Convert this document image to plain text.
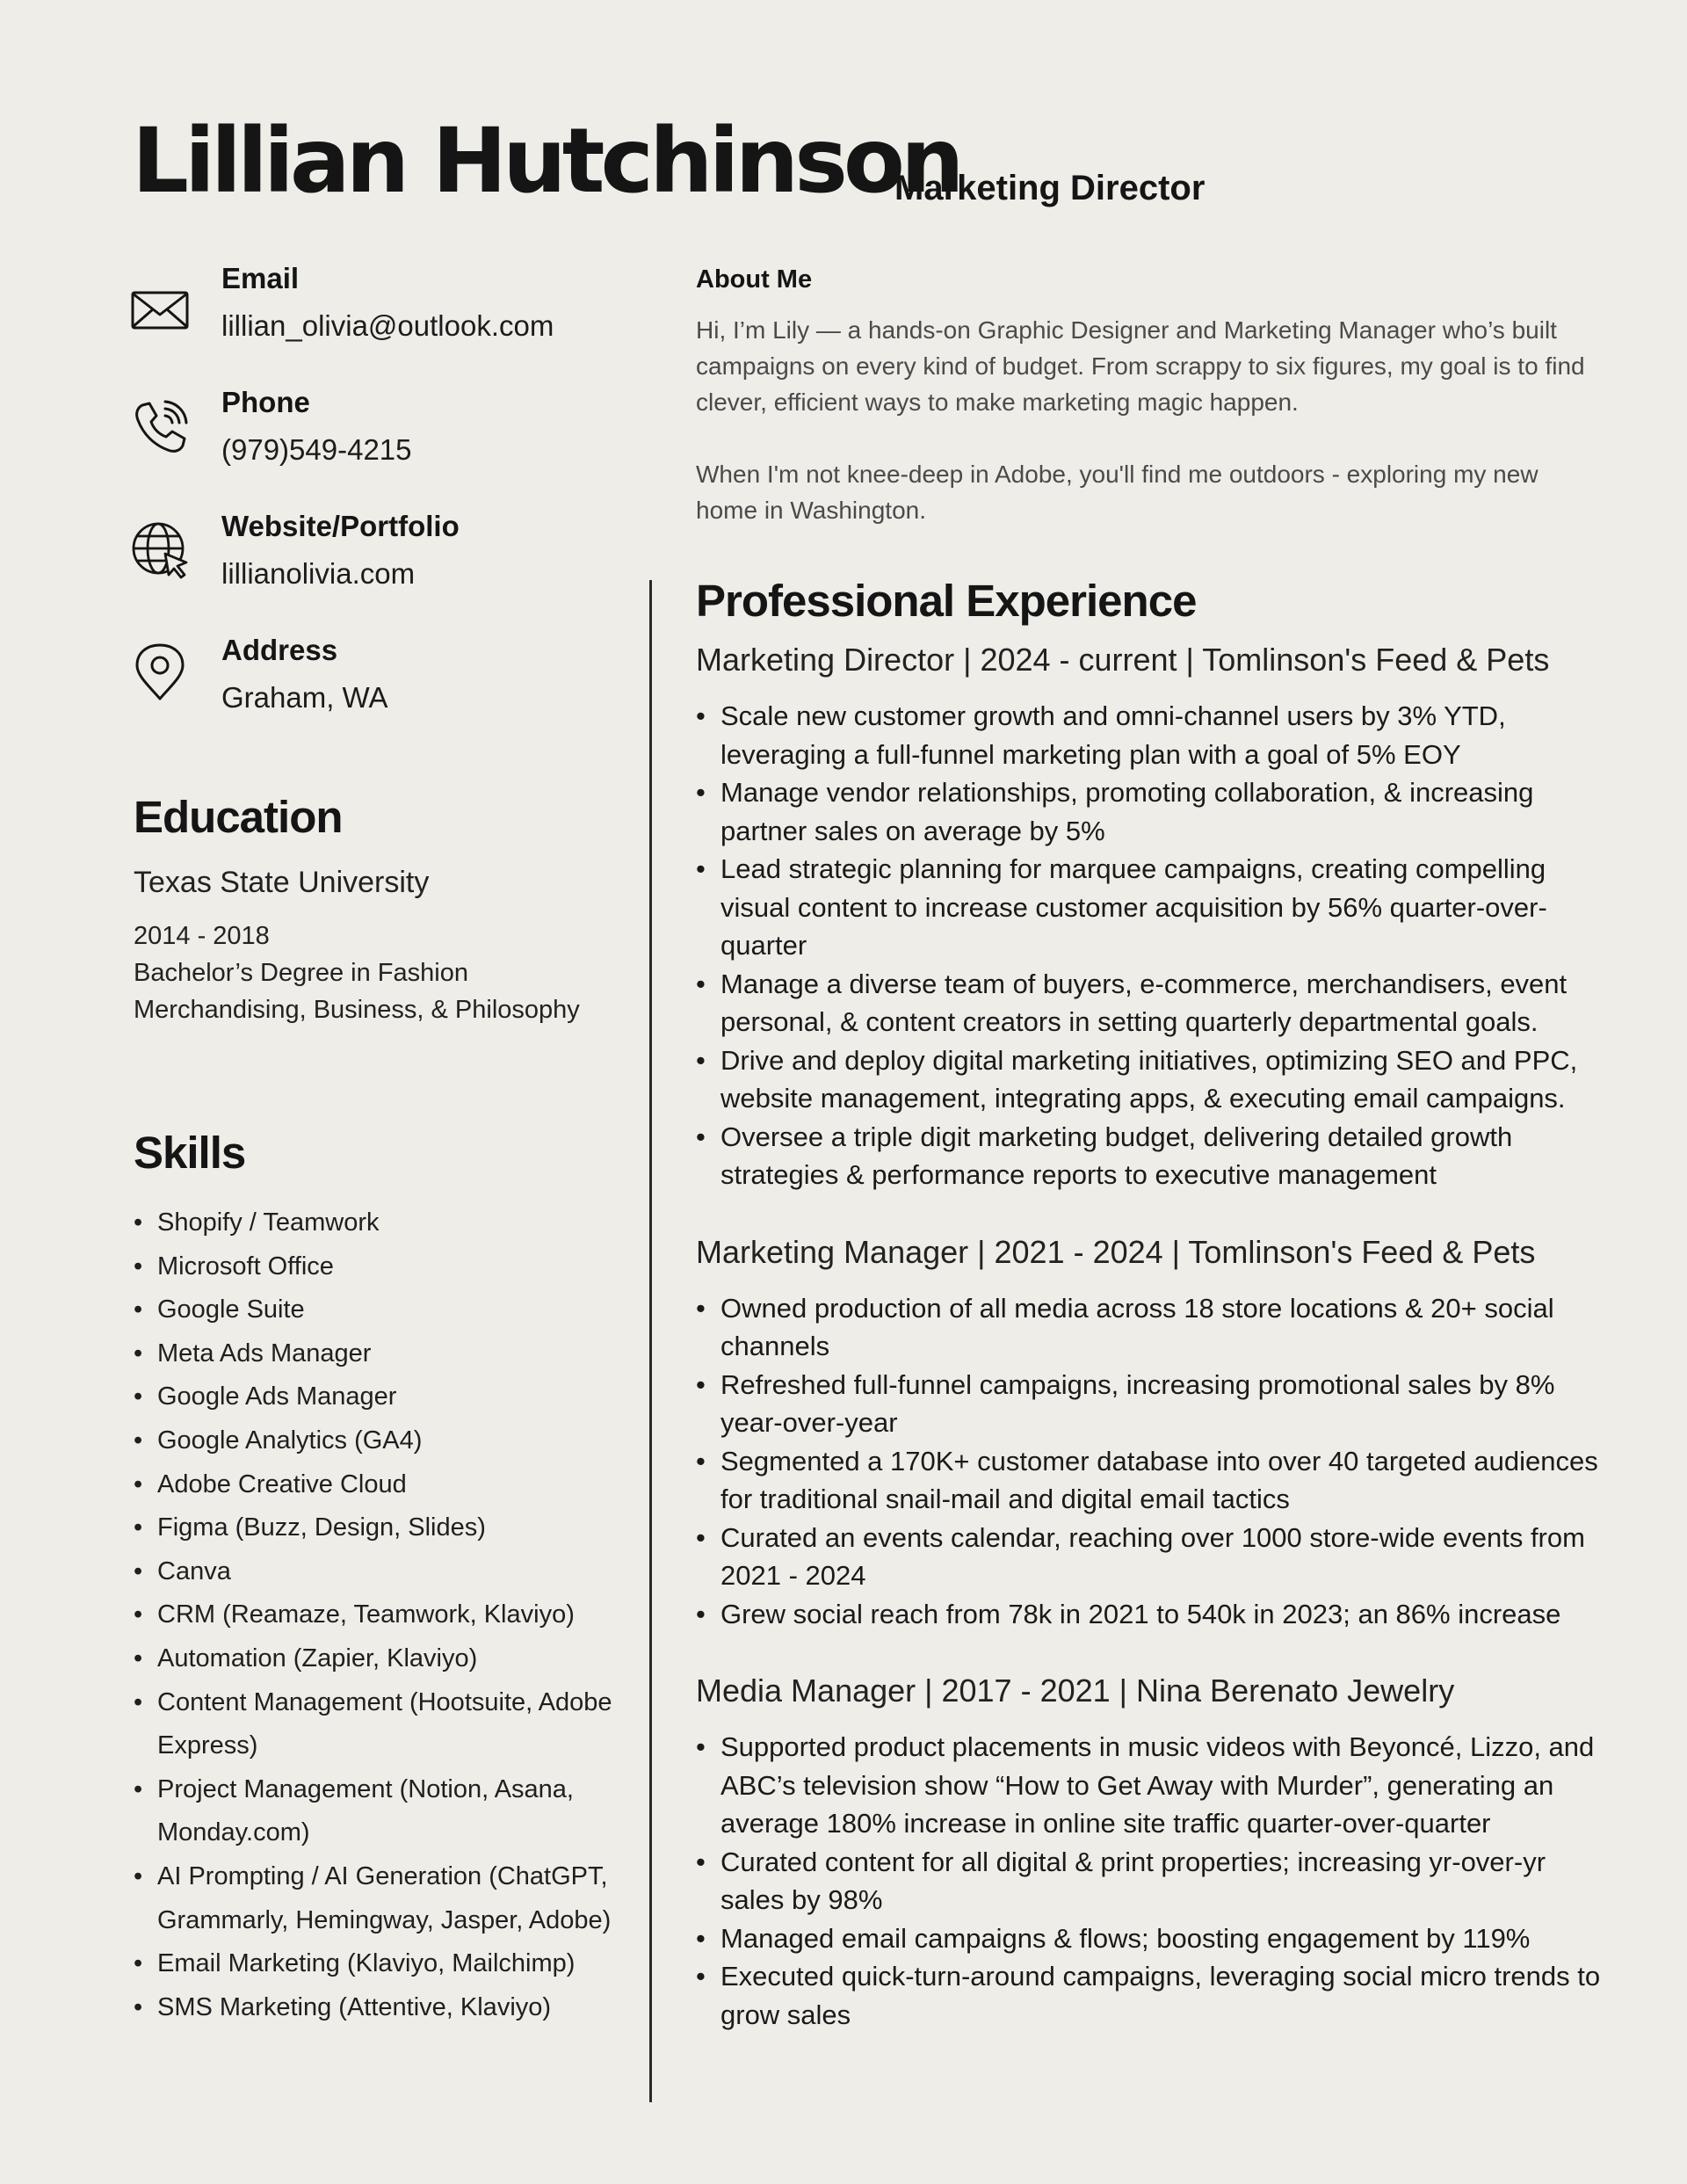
Lillian Hutchinson
Marketing Director
Email
lillian_olivia@outlook.com
Phone
(979)549-4215
Website/Portfolio
lillianolivia.com
Address
Graham, WA
Education
Texas State University
2014 - 2018
Bachelor’s Degree in Fashion Merchandising, Business, & Philosophy
Skills
• Shopify / Teamwork
• Microsoft Office
• Google Suite
• Meta Ads Manager
• Google Ads Manager
• Google Analytics (GA4)
• Adobe Creative Cloud
• Figma (Buzz, Design, Slides)
• Canva
• CRM (Reamaze, Teamwork, Klaviyo)
• Automation (Zapier, Klaviyo)
• Content Management (Hootsuite, Adobe Express)
• Project Management (Notion, Asana, Monday.com)
• AI Prompting / AI Generation (ChatGPT, Grammarly, Hemingway, Jasper, Adobe)
• Email Marketing (Klaviyo, Mailchimp)
• SMS Marketing (Attentive, Klaviyo)
About Me
Hi, I’m Lily — a hands-on Graphic Designer and Marketing Manager who’s built campaigns on every kind of budget. From scrappy to six figures, my goal is to find clever, efficient ways to make marketing magic happen.
When I'm not knee-deep in Adobe, you'll find me outdoors - exploring my new home in Washington.
Professional Experience
Marketing Director | 2024 - current | Tomlinson's Feed & Pets
• Scale new customer growth and omni-channel users by 3% YTD, leveraging a full-funnel marketing plan with a goal of 5% EOY
• Manage vendor relationships, promoting collaboration, & increasing partner sales on average by 5%
• Lead strategic planning for marquee campaigns, creating compelling visual content to increase customer acquisition by 56% quarter-over-quarter
• Manage a diverse team of buyers, e-commerce, merchandisers, event personal, & content creators in setting quarterly departmental goals.
• Drive and deploy digital marketing initiatives, optimizing SEO and PPC, website management, integrating apps, & executing email campaigns.
• Oversee a triple digit marketing budget, delivering detailed growth strategies & performance reports to executive management
Marketing Manager | 2021 - 2024 | Tomlinson's Feed & Pets
• Owned production of all media across 18 store locations & 20+ social channels
• Refreshed full-funnel campaigns, increasing promotional sales by 8% year-over-year
• Segmented a 170K+ customer database into over 40 targeted audiences for traditional snail-mail and digital email tactics
• Curated an events calendar, reaching over 1000 store-wide events from 2021 - 2024
• Grew social reach from 78k in 2021 to 540k in 2023; an 86% increase
Media Manager | 2017 - 2021 | Nina Berenato Jewelry
• Supported product placements in music videos with Beyoncé, Lizzo, and ABC’s television show “How to Get Away with Murder”, generating an average 180% increase in online site traffic quarter-over-quarter
• Curated content for all digital & print properties; increasing yr-over-yr sales by 98%
• Managed email campaigns & flows; boosting engagement by 119%
• Executed quick-turn-around campaigns, leveraging social micro trends to grow sales
